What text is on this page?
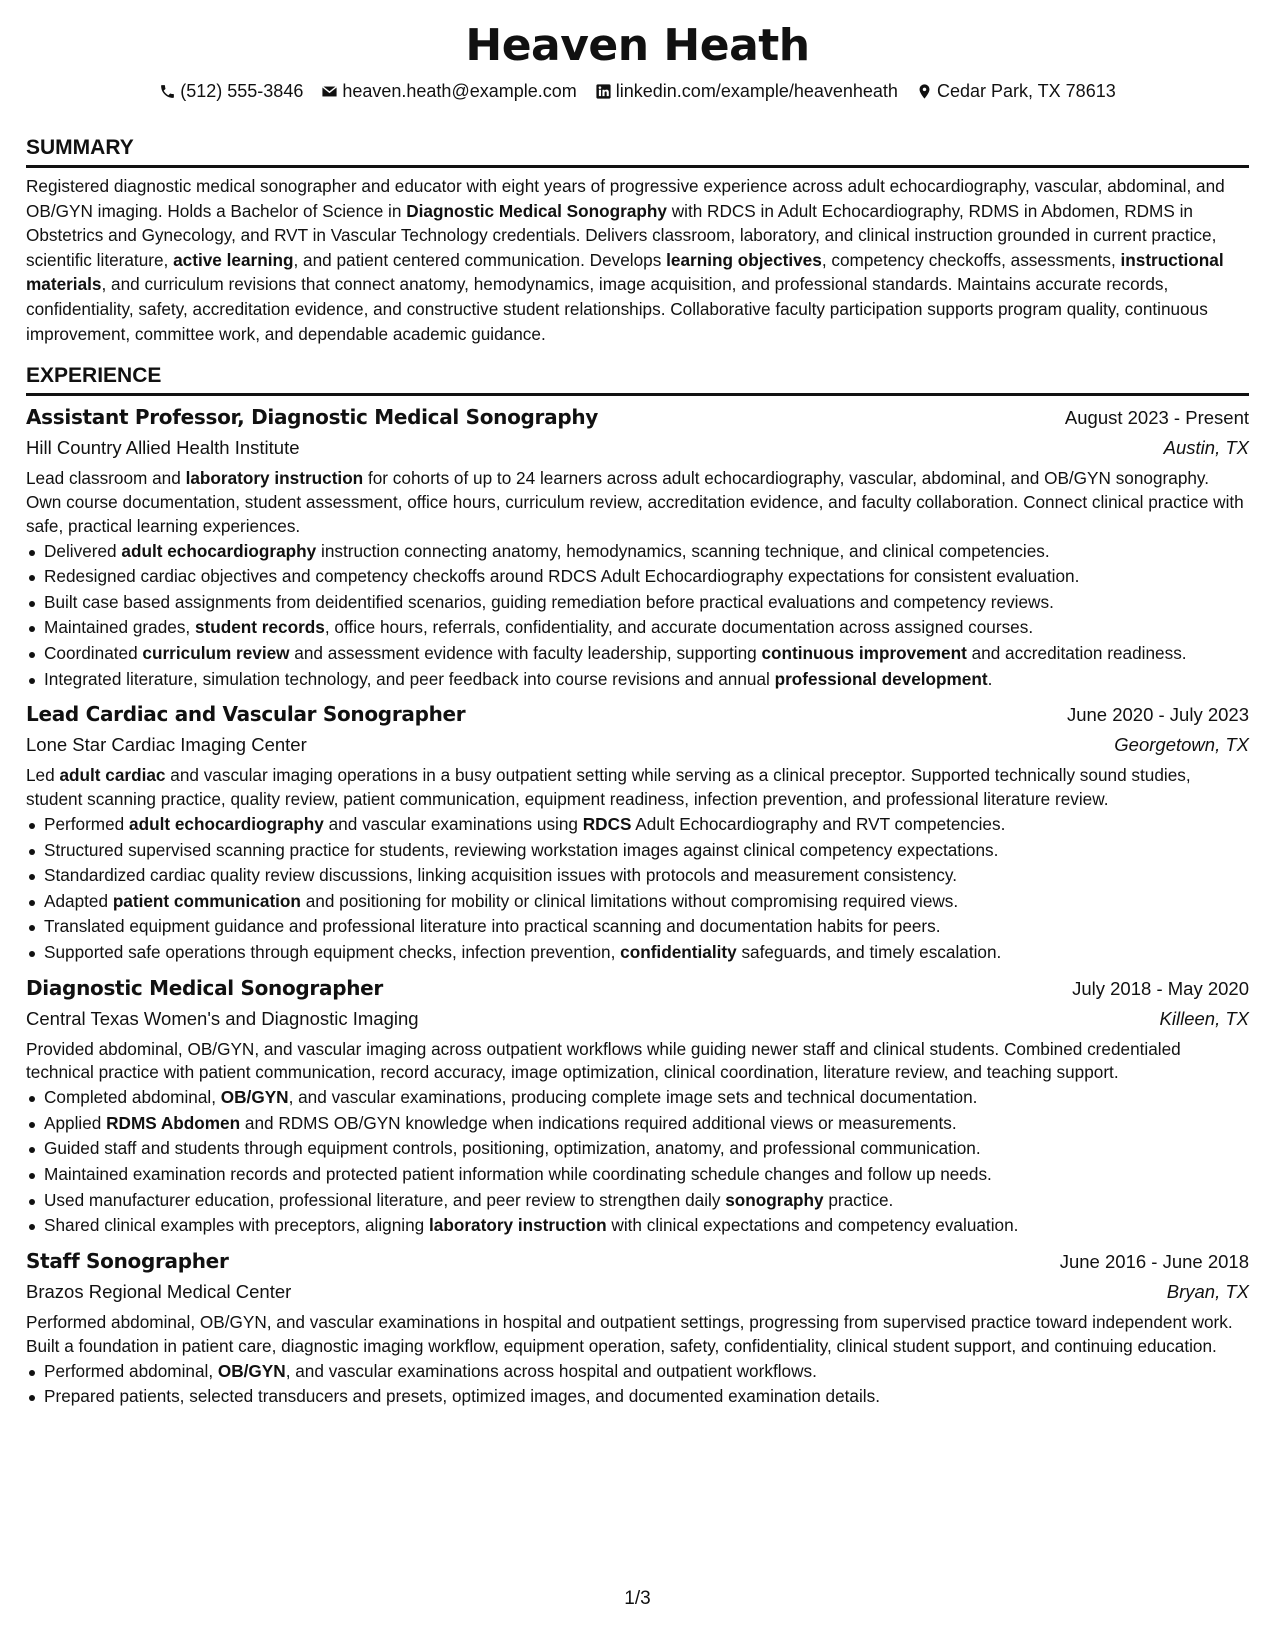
Heaven Heath
(512) 555-3846 heaven.heath@example.com linkedin.com/example/heavenheath Cedar Park, TX 78613
SUMMARY

Registered diagnostic medical sonographer and educator with eight years of progressive experience across adult echocardiography, vascular, abdominal, and OB/GYN imaging. Holds a Bachelor of Science in Diagnostic Medical Sonography with RDCS in Adult Echocardiography, RDMS in Abdomen, RDMS in Obstetrics and Gynecology, and RVT in Vascular Technology credentials. Delivers classroom, laboratory, and clinical instruction grounded in current practice, scientific literature, active learning, and patient centered communication. Develops learning objectives, competency checkoffs, assessments, instructional materials, and curriculum revisions that connect anatomy, hemodynamics, image acquisition, and professional standards. Maintains accurate records, confidentiality, safety, accreditation evidence, and constructive student relationships. Collaborative faculty participation supports program quality, continuous improvement, committee work, and dependable academic guidance.

EXPERIENCE
Assistant Professor, Diagnostic Medical Sonography	August 2023 - Present
Hill Country Allied Health Institute	Austin, TX

Lead classroom and laboratory instruction for cohorts of up to 24 learners across adult echocardiography, vascular, abdominal, and OB/GYN sonography. Own course documentation, student assessment, office hours, curriculum review, accreditation evidence, and faculty collaboration. Connect clinical practice with safe, practical learning experiences.

Delivered adult echocardiography instruction connecting anatomy, hemodynamics, scanning technique, and clinical competencies.
Redesigned cardiac objectives and competency checkoffs around RDCS Adult Echocardiography expectations for consistent evaluation.
Built case based assignments from deidentified scenarios, guiding remediation before practical evaluations and competency reviews.
Maintained grades, student records, office hours, referrals, confidentiality, and accurate documentation across assigned courses.
Coordinated curriculum review and assessment evidence with faculty leadership, supporting continuous improvement and accreditation readiness.
Integrated literature, simulation technology, and peer feedback into course revisions and annual professional development.
Lead Cardiac and Vascular Sonographer	June 2020 - July 2023
Lone Star Cardiac Imaging Center	Georgetown, TX

Led adult cardiac and vascular imaging operations in a busy outpatient setting while serving as a clinical preceptor. Supported technically sound studies, student scanning practice, quality review, patient communication, equipment readiness, infection prevention, and professional literature review.

Performed adult echocardiography and vascular examinations using RDCS Adult Echocardiography and RVT competencies.
Structured supervised scanning practice for students, reviewing workstation images against clinical competency expectations.
Standardized cardiac quality review discussions, linking acquisition issues with protocols and measurement consistency.
Adapted patient communication and positioning for mobility or clinical limitations without compromising required views.
Translated equipment guidance and professional literature into practical scanning and documentation habits for peers.
Supported safe operations through equipment checks, infection prevention, confidentiality safeguards, and timely escalation.
Diagnostic Medical Sonographer	July 2018 - May 2020
Central Texas Women's and Diagnostic Imaging	Killeen, TX

Provided abdominal, OB/GYN, and vascular imaging across outpatient workflows while guiding newer staff and clinical students. Combined credentialed technical practice with patient communication, record accuracy, image optimization, clinical coordination, literature review, and teaching support.

Completed abdominal, OB/GYN, and vascular examinations, producing complete image sets and technical documentation.
Applied RDMS Abdomen and RDMS OB/GYN knowledge when indications required additional views or measurements.
Guided staff and students through equipment controls, positioning, optimization, anatomy, and professional communication.
Maintained examination records and protected patient information while coordinating schedule changes and follow up needs.
Used manufacturer education, professional literature, and peer review to strengthen daily sonography practice.
Shared clinical examples with preceptors, aligning laboratory instruction with clinical expectations and competency evaluation.
Staff Sonographer	June 2016 - June 2018
Brazos Regional Medical Center	Bryan, TX

Performed abdominal, OB/GYN, and vascular examinations in hospital and outpatient settings, progressing from supervised practice toward independent work. Built a foundation in patient care, diagnostic imaging workflow, equipment operation, safety, confidentiality, clinical student support, and continuing education.

Performed abdominal, OB/GYN, and vascular examinations across hospital and outpatient workflows.
Prepared patients, selected transducers and presets, optimized images, and documented examination details.
1/3
